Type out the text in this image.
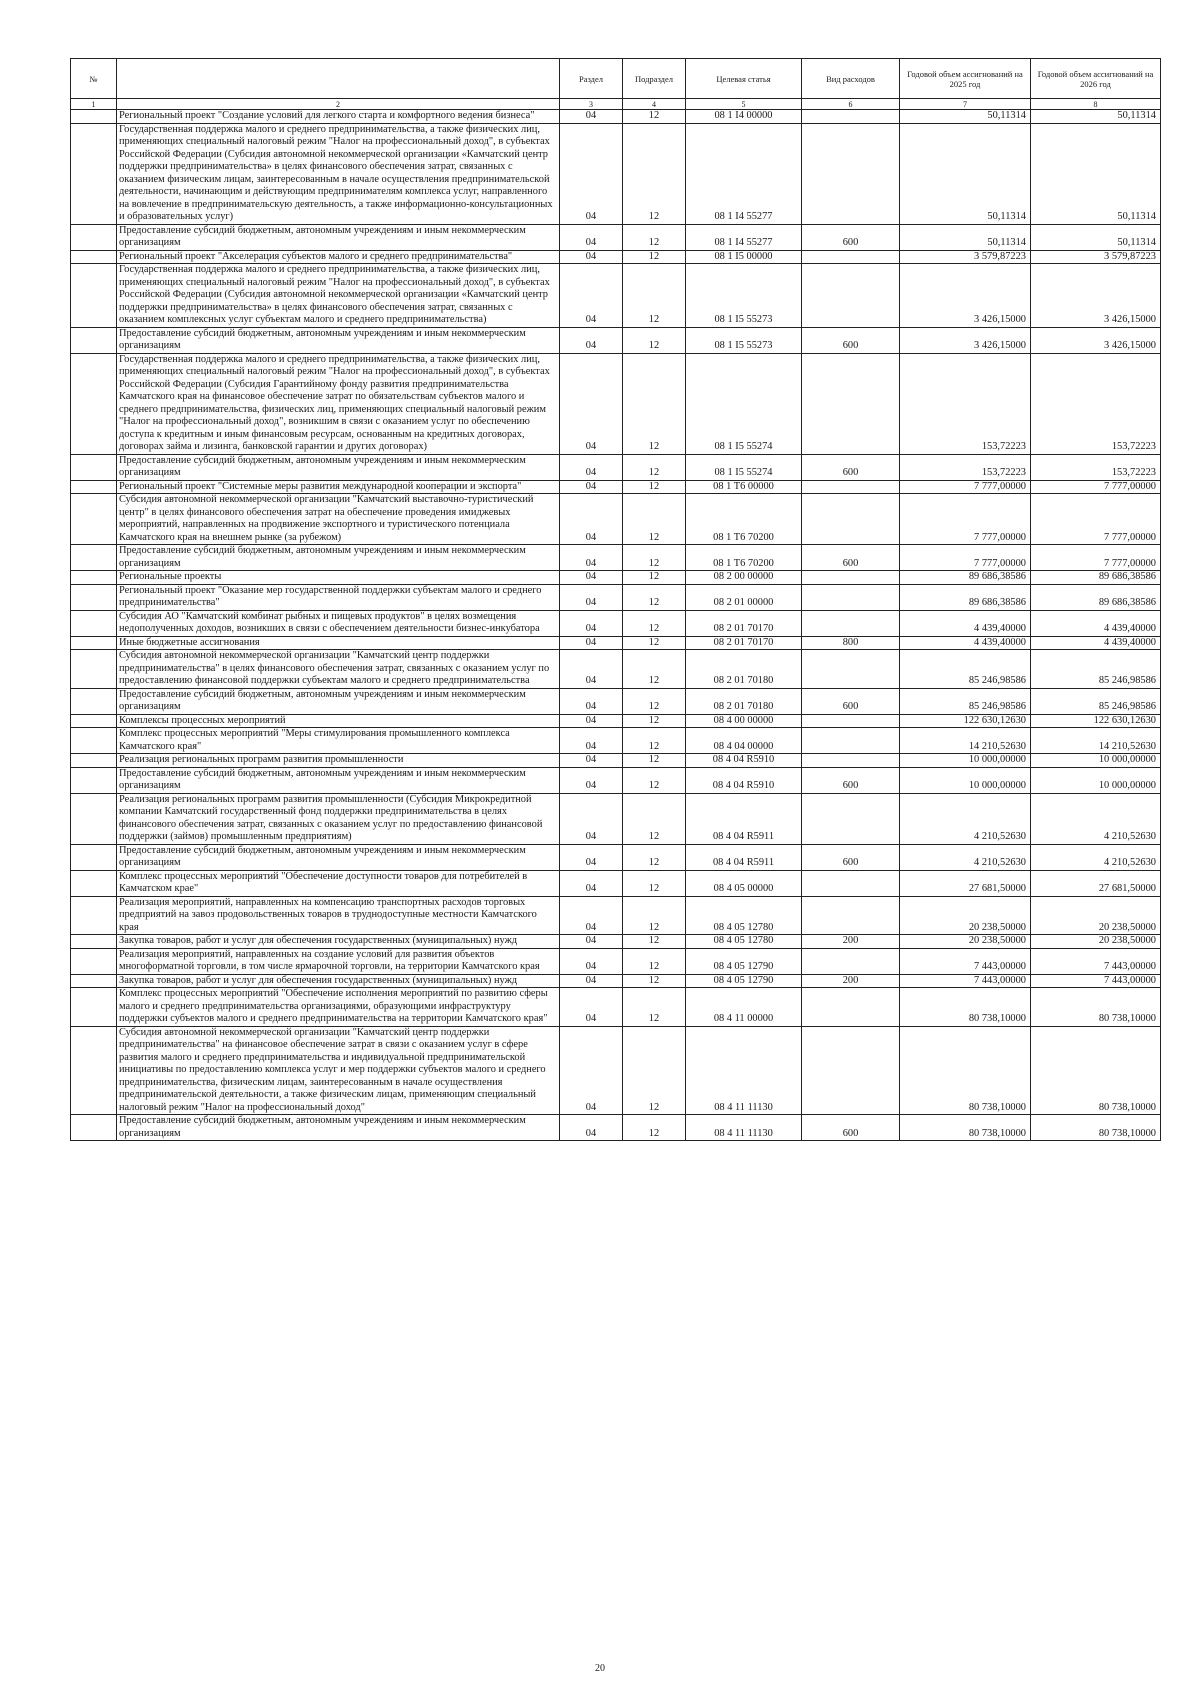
№		Раздел	Подраздел	Целевая статья	Вид расходов	Годовой объем ассигнований на 2025 год	Годовой объем ассигнований на 2026 год
1	2	3	4	5	6	7	8
	Региональный проект "Создание условий для легкого старта и комфортного ведения бизнеса"	04	12	08 1 I4 00000		50,11314	50,11314
	Государственная поддержка малого и среднего предпринимательства, а также физических лиц, применяющих специальный налоговый режим "Налог на профессиональный доход", в субъектах Российской Федерации (Субсидия автономной некоммерческой организации «Камчатский центр поддержки предпринимательства» в целях финансового обеспечения затрат, связанных с оказанием физическим лицам, заинтересованным в начале осуществления предпринимательской деятельности, начинающим и действующим предпринимателям комплекса услуг, направленного на вовлечение в предпринимательскую деятельность, а также информационно-консультационных и образовательных услуг)	04	12	08 1 I4 55277		50,11314	50,11314
	Предоставление субсидий бюджетным, автономным учреждениям и иным некоммерческим организациям	04	12	08 1 I4 55277	600	50,11314	50,11314
	Региональный проект "Акселерация субъектов малого и среднего предпринимательства"	04	12	08 1 I5 00000		3 579,87223	3 579,87223
	Государственная поддержка малого и среднего предпринимательства, а также физических лиц, применяющих специальный налоговый режим "Налог на профессиональный доход", в субъектах Российской Федерации (Субсидия автономной некоммерческой организации «Камчатский центр поддержки предпринимательства» в целях финансового обеспечения затрат, связанных с оказанием комплексных услуг субъектам малого и среднего предпринимательства)	04	12	08 1 I5 55273		3 426,15000	3 426,15000
	Предоставление субсидий бюджетным, автономным учреждениям и иным некоммерческим организациям	04	12	08 1 I5 55273	600	3 426,15000	3 426,15000
	Государственная поддержка малого и среднего предпринимательства, а также физических лиц, применяющих специальный налоговый режим "Налог на профессиональный доход", в субъектах Российской Федерации (Субсидия Гарантийному фонду развития предпринимательства Камчатского края на финансовое обеспечение затрат по обязательствам субъектов малого и среднего предпринимательства, физических лиц, применяющих специальный налоговый режим "Налог на профессиональный доход", возникшим в связи с оказанием услуг по обеспечению доступа к кредитным и иным финансовым ресурсам, основанным на кредитных договорах, договорах займа и лизинга, банковской гарантии и других договорах)	04	12	08 1 I5 55274		153,72223	153,72223
	Предоставление субсидий бюджетным, автономным учреждениям и иным некоммерческим организациям	04	12	08 1 I5 55274	600	153,72223	153,72223
	Региональный проект "Системные меры развития международной кооперации и экспорта"	04	12	08 1 T6 00000		7 777,00000	7 777,00000
	Субсидия автономной некоммерческой организации "Камчатский выставочно-туристический центр" в целях финансового обеспечения затрат на обеспечение проведения имиджевых мероприятий, направленных на продвижение экспортного и туристического потенциала Камчатского края на внешнем рынке (за рубежом)	04	12	08 1 T6 70200		7 777,00000	7 777,00000
	Предоставление субсидий бюджетным, автономным учреждениям и иным некоммерческим организациям	04	12	08 1 T6 70200	600	7 777,00000	7 777,00000
	Региональные проекты	04	12	08 2 00 00000		89 686,38586	89 686,38586
	Региональный проект "Оказание мер государственной поддержки субъектам малого и среднего предпринимательства"	04	12	08 2 01 00000		89 686,38586	89 686,38586
	Субсидия АО "Камчатский комбинат рыбных и пищевых продуктов" в целях возмещения недополученных доходов, возникших в связи с обеспечением деятельности бизнес-инкубатора	04	12	08 2 01 70170		4 439,40000	4 439,40000
	Иные бюджетные ассигнования	04	12	08 2 01 70170	800	4 439,40000	4 439,40000
	Субсидия автономной некоммерческой организации "Камчатский центр поддержки предпринимательства" в целях финансового обеспечения затрат, связанных с оказанием услуг по предоставлению финансовой поддержки субъектам малого и среднего предпринимательства	04	12	08 2 01 70180		85 246,98586	85 246,98586
	Предоставление субсидий бюджетным, автономным учреждениям и иным некоммерческим организациям	04	12	08 2 01 70180	600	85 246,98586	85 246,98586
	Комплексы процессных мероприятий	04	12	08 4 00 00000		122 630,12630	122 630,12630
	Комплекс процессных мероприятий "Меры стимулирования промышленного комплекса Камчатского края"	04	12	08 4 04 00000		14 210,52630	14 210,52630
	Реализация региональных программ развития промышленности	04	12	08 4 04 R5910		10 000,00000	10 000,00000
	Предоставление субсидий бюджетным, автономным учреждениям и иным некоммерческим организациям	04	12	08 4 04 R5910	600	10 000,00000	10 000,00000
	Реализация региональных программ развития промышленности (Субсидия Микрокредитной компании Камчатский государственный фонд поддержки предпринимательства в целях финансового обеспечения затрат, связанных с оказанием услуг по предоставлению финансовой поддержки (займов) промышленным предприятиям)	04	12	08 4 04 R5911		4 210,52630	4 210,52630
	Предоставление субсидий бюджетным, автономным учреждениям и иным некоммерческим организациям	04	12	08 4 04 R5911	600	4 210,52630	4 210,52630
	Комплекс процессных мероприятий "Обеспечение доступности товаров для потребителей в Камчатском крае"	04	12	08 4 05 00000		27 681,50000	27 681,50000
	Реализация мероприятий, направленных на компенсацию транспортных расходов торговых предприятий на завоз продовольственных товаров в труднодоступные местности Камчатского края	04	12	08 4 05 12780		20 238,50000	20 238,50000
	Закупка товаров, работ и услуг для обеспечения государственных (муниципальных) нужд	04	12	08 4 05 12780	200	20 238,50000	20 238,50000
	Реализация мероприятий, направленных на создание условий для развития объектов многоформатной торговли, в том числе ярмарочной торговли, на территории Камчатского края	04	12	08 4 05 12790		7 443,00000	7 443,00000
	Закупка товаров, работ и услуг для обеспечения государственных (муниципальных) нужд	04	12	08 4 05 12790	200	7 443,00000	7 443,00000
	Комплекс процессных мероприятий "Обеспечение исполнения мероприятий по развитию сферы малого и среднего предпринимательства организациями, образующими инфраструктуру поддержки субъектов малого и среднего предпринимательства на территории Камчатского края"	04	12	08 4 11 00000		80 738,10000	80 738,10000
	Субсидия автономной некоммерческой организации "Камчатский центр поддержки предпринимательства" на финансовое обеспечение затрат в связи с оказанием услуг в сфере развития малого и среднего предпринимательства и индивидуальной предпринимательской инициативы по предоставлению комплекса услуг и мер поддержки субъектов малого и среднего предпринимательства, физическим лицам, заинтересованным в начале осуществления предпринимательской деятельности, а также физическим лицам, применяющим специальный налоговый режим "Налог на профессиональный доход"	04	12	08 4 11 11130		80 738,10000	80 738,10000
	Предоставление субсидий бюджетным, автономным учреждениям и иным некоммерческим организациям	04	12	08 4 11 11130	600	80 738,10000	80 738,10000
20
